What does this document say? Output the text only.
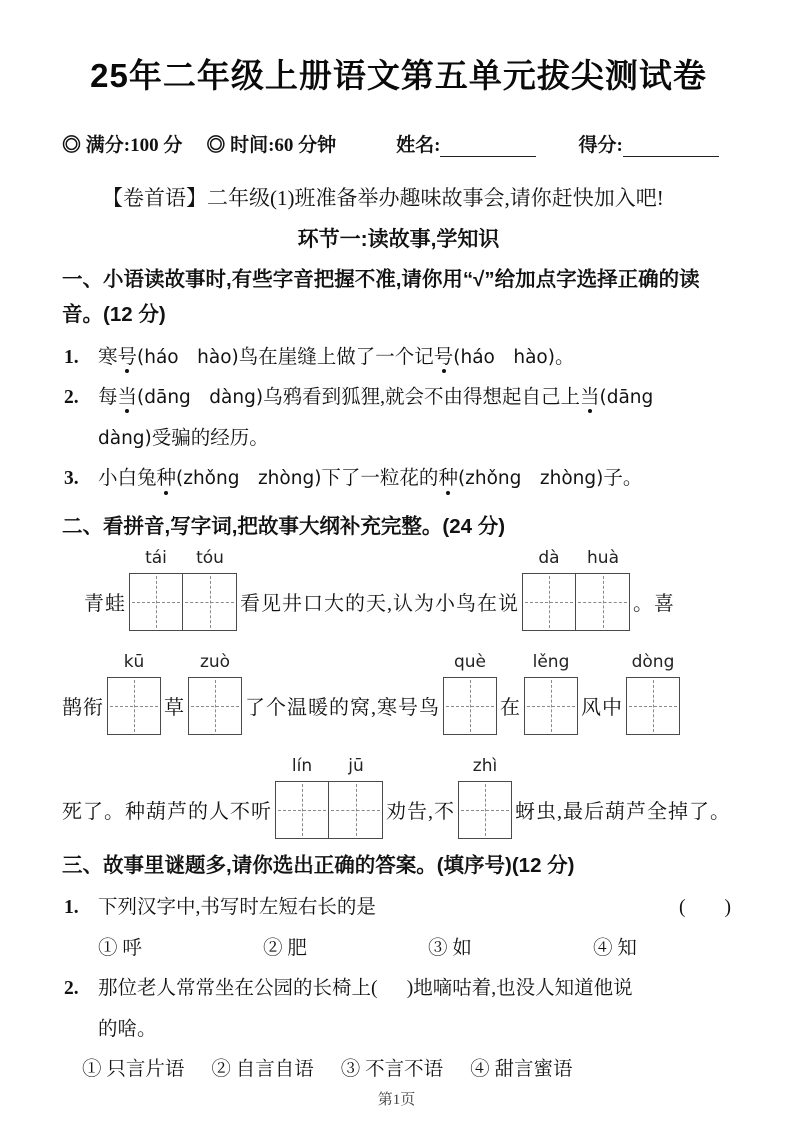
25年二年级上册语文第五单元拔尖测试卷
◎ 满分:100 分 ◎ 时间:60 分钟	姓名:	得分:
【卷首语】二年级(1)班准备举办趣味故事会,请你赶快加入吧!
环节一:读故事,学知识
一、小语读故事时,有些字音把握不准,请你用“√”给加点字选择正确的读音。(12 分)
1. 寒号(háo　hào)鸟在崖缝上做了一个记号(háo　hào)。
2. 每当(dāng　dàng)乌鸦看到狐狸,就会不由得想起自己上当(dāng
dàng)受骗的经历。
3. 小白兔种(zhǒng　zhòng)下了一粒花的种(zhǒng　zhòng)子。
二、看拼音,写字词,把故事大纲补充完整。(24 分)
青蛙
tái	tóu
看见井口大的天,认为小鸟在说
dà	huà
。喜
鹊衔
kū
草
zuò
了个温暖的窝,寒号鸟
què
在
lěng
风中
dòng
死了。种葫芦的人不听
lín	jū
劝告,不
zhì
蚜虫,最后葫芦全掉了。
三、故事里谜题多,请你选出正确的答案。(填序号)(12 分)
1. 下列汉字中,书写时左短右长的是	(　　)
① 呼	② 肥	③ 如	④ 知
2. 那位老人常常坐在公园的长椅上( 　 )地嘀咕着,也没人知道他说
的啥。
① 只言片语 ② 自言自语 ③ 不言不语 ④ 甜言蜜语
第1页
